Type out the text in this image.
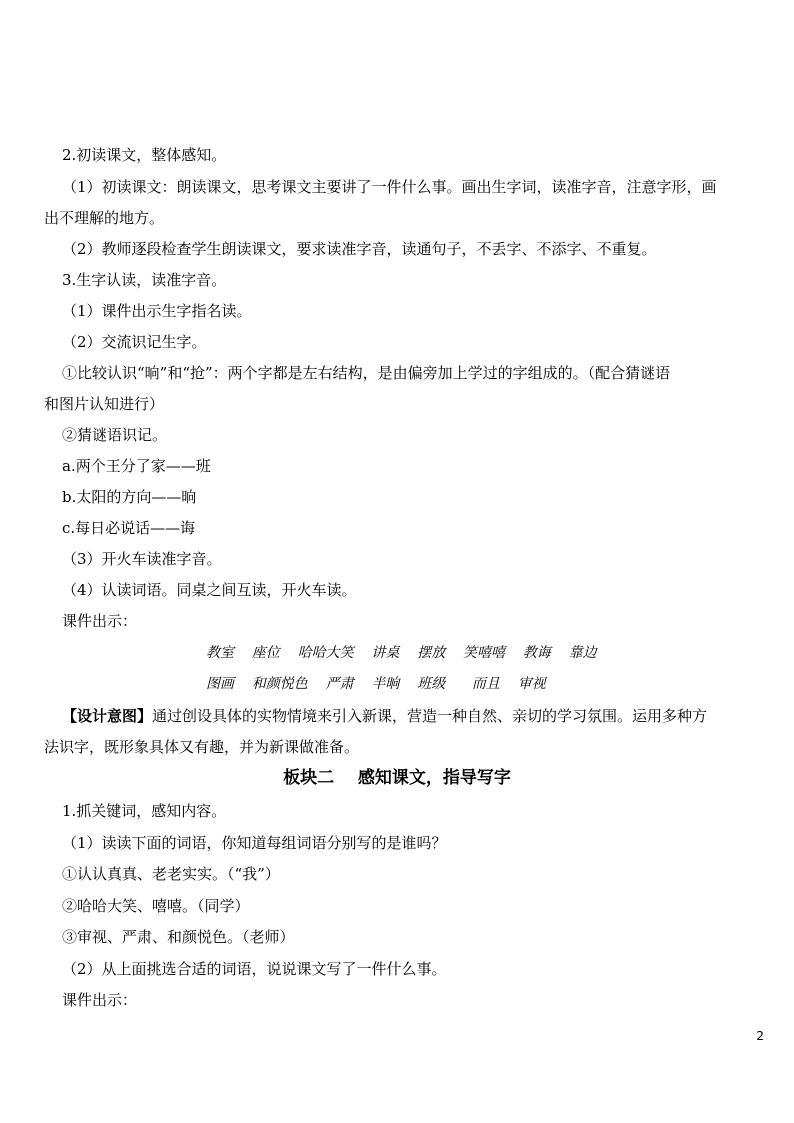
2.初读课文，整体感知。
（1）初读课文：朗读课文，思考课文主要讲了一件什么事。画出生字词，读准字音，注意字形，画
出不理解的地方。
（2）教师逐段检查学生朗读课文，要求读准字音，读通句子，不丢字、不添字、不重复。
3.生字认读，读准字音。
（1）课件出示生字指名读。
（2）交流识记生字。
①比较认识“晌”和“抢”：两个字都是左右结构，是由偏旁加上学过的字组成的。（配合猜谜语
和图片认知进行）
②猜谜语识记。
a.两个王分了家——班
b.太阳的方向——晌
c.每日必说话——诲
（3）开火车读准字音。
（4）认读词语。同桌之间互读，开火车读。
课件出示：
教室    座位    哈哈大笑    讲桌    摆放    笑嘻嘻    教诲    靠边
图画    和颜悦色    严肃    半晌    班级      而且    审视
【设计意图】通过创设具体的实物情境来引入新课，营造一种自然、亲切的学习氛围。运用多种方
法识字，既形象具体又有趣，并为新课做准备。
板块二    感知课文，指导写字
1.抓关键词，感知内容。
（1）读读下面的词语，你知道每组词语分别写的是谁吗？
①认认真真、老老实实。（“我”）
②哈哈大笑、嘻嘻。（同学）
③审视、严肃、和颜悦色。（老师）
（2）从上面挑选合适的词语，说说课文写了一件什么事。
课件出示：
2
